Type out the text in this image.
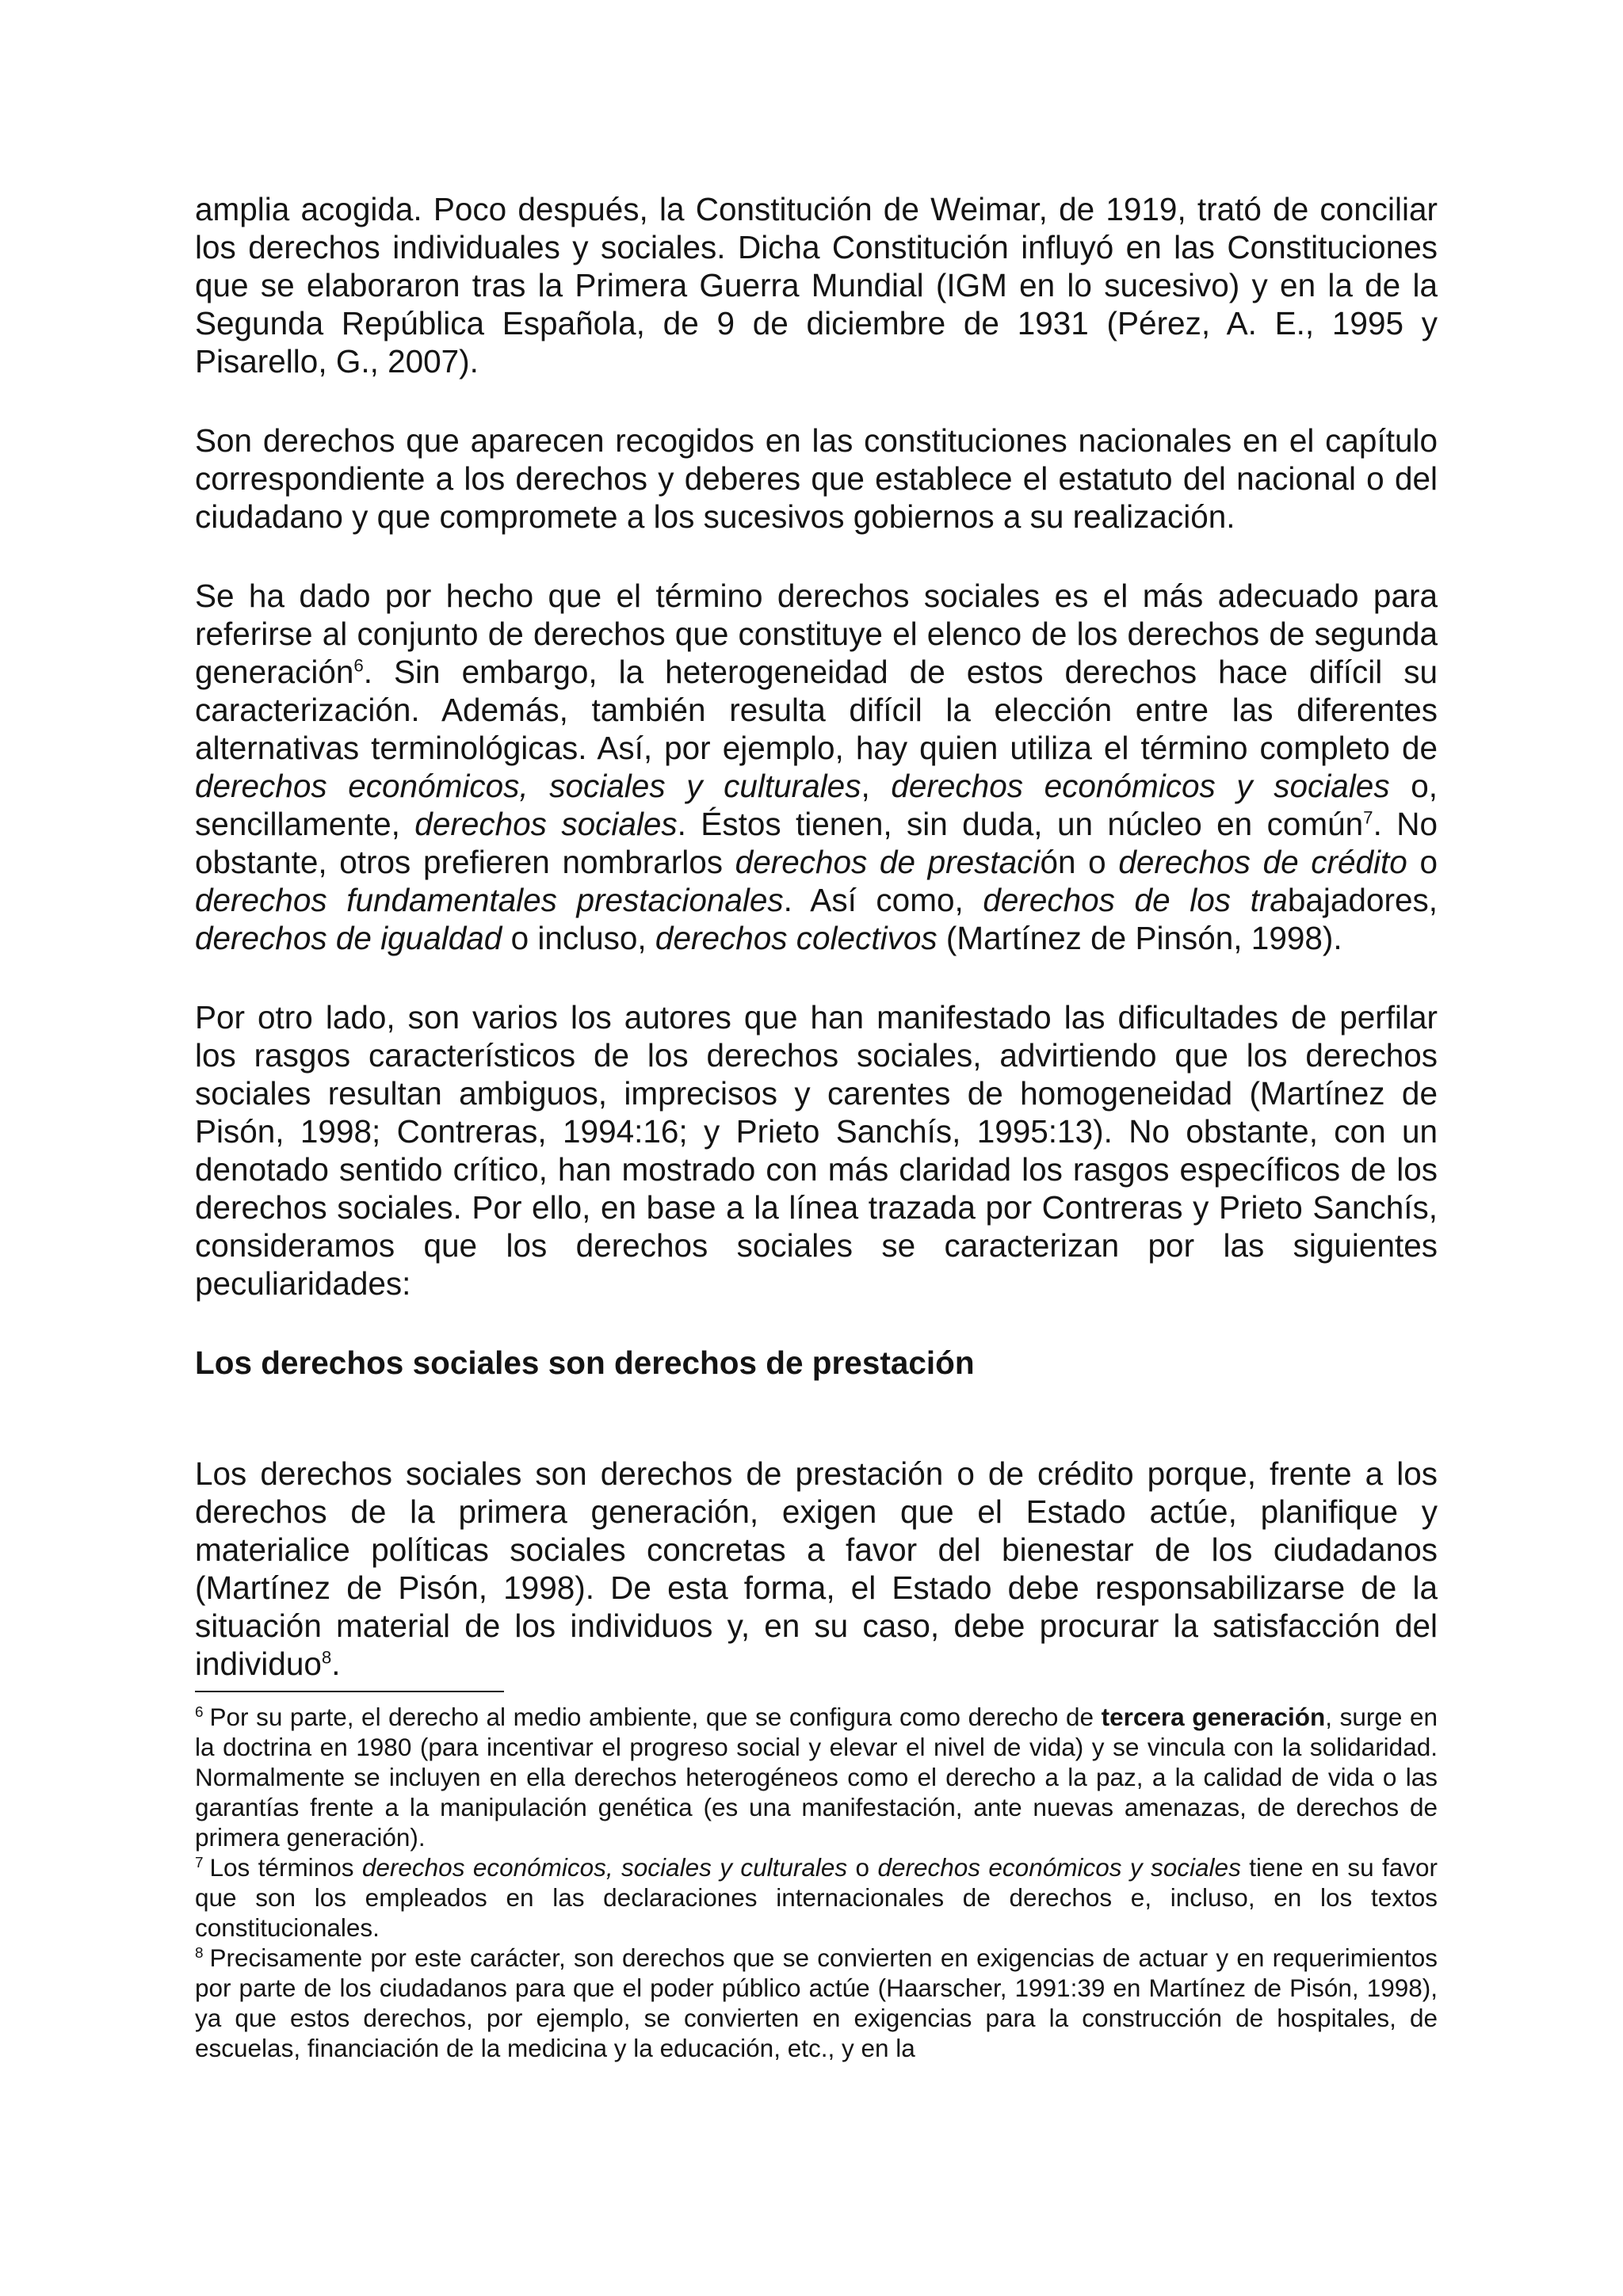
amplia acogida. Poco después, la Constitución de Weimar, de 1919, trató de conciliar los derechos individuales y sociales. Dicha Constitución influyó en las Constituciones que se elaboraron tras la Primera Guerra Mundial (IGM en lo sucesivo) y en la de la Segunda República Española, de 9 de diciembre de 1931 (Pérez, A. E., 1995 y Pisarello, G., 2007).

Son derechos que aparecen recogidos en las constituciones nacionales en el capítulo correspondiente a los derechos y deberes que establece el estatuto del nacional o del ciudadano y que compromete a los sucesivos gobiernos a su realización.

Se ha dado por hecho que el término derechos sociales es el más adecuado para referirse al conjunto de derechos que constituye el elenco de los derechos de segunda generación$^6$. Sin embargo, la heterogeneidad de estos derechos hace difícil su caracterización. Además, también resulta difícil la elección entre las diferentes alternativas terminológicas. Así, por ejemplo, hay quien utiliza el término completo de derechos económicos, sociales y culturales, derechos económicos y sociales o, sencillamente, derechos sociales. Éstos tienen, sin duda, un núcleo en común$^7$. No obstante, otros prefieren nombrarlos derechos de prestación o derechos de crédito o derechos fundamentales prestacionales. Así como, derechos de los trabajadores, derechos de igualdad o incluso, derechos colectivos (Martínez de Pinsón, 1998).

Por otro lado, son varios los autores que han manifestado las dificultades de perfilar los rasgos característicos de los derechos sociales, advirtiendo que los derechos sociales resultan ambiguos, imprecisos y carentes de homogeneidad (Martínez de Pisón, 1998; Contreras, 1994:16; y Prieto Sanchís, 1995:13). No obstante, con un denotado sentido crítico, han mostrado con más claridad los rasgos específicos de los derechos sociales. Por ello, en base a la línea trazada por Contreras y Prieto Sanchís, consideramos que los derechos sociales se caracterizan por las siguientes peculiaridades:

Los derechos sociales son derechos de prestación

Los derechos sociales son derechos de prestación o de crédito porque, frente a los derechos de la primera generación, exigen que el Estado actúe, planifique y materialice políticas sociales concretas a favor del bienestar de los ciudadanos (Martínez de Pisón, 1998). De esta forma, el Estado debe responsabilizarse de la situación material de los individuos y, en su caso, debe procurar la satisfacción del individuo$^8$.

$^6$ Por su parte, el derecho al medio ambiente, que se configura como derecho de tercera generación, surge en la doctrina en 1980 (para incentivar el progreso social y elevar el nivel de vida) y se vincula con la solidaridad. Normalmente se incluyen en ella derechos heterogéneos como el derecho a la paz, a la calidad de vida o las garantías frente a la manipulación genética (es una manifestación, ante nuevas amenazas, de derechos de primera generación).

$^7$ Los términos derechos económicos, sociales y culturales o derechos económicos y sociales tiene en su favor que son los empleados en las declaraciones internacionales de derechos e, incluso, en los textos constitucionales.

$^8$ Precisamente por este carácter, son derechos que se convierten en exigencias de actuar y en requerimientos por parte de los ciudadanos para que el poder público actúe (Haarscher, 1991:39 en Martínez de Pisón, 1998), ya que estos derechos, por ejemplo, se convierten en exigencias para la construcción de hospitales, de escuelas, financiación de la medicina y la educación, etc., y en la
